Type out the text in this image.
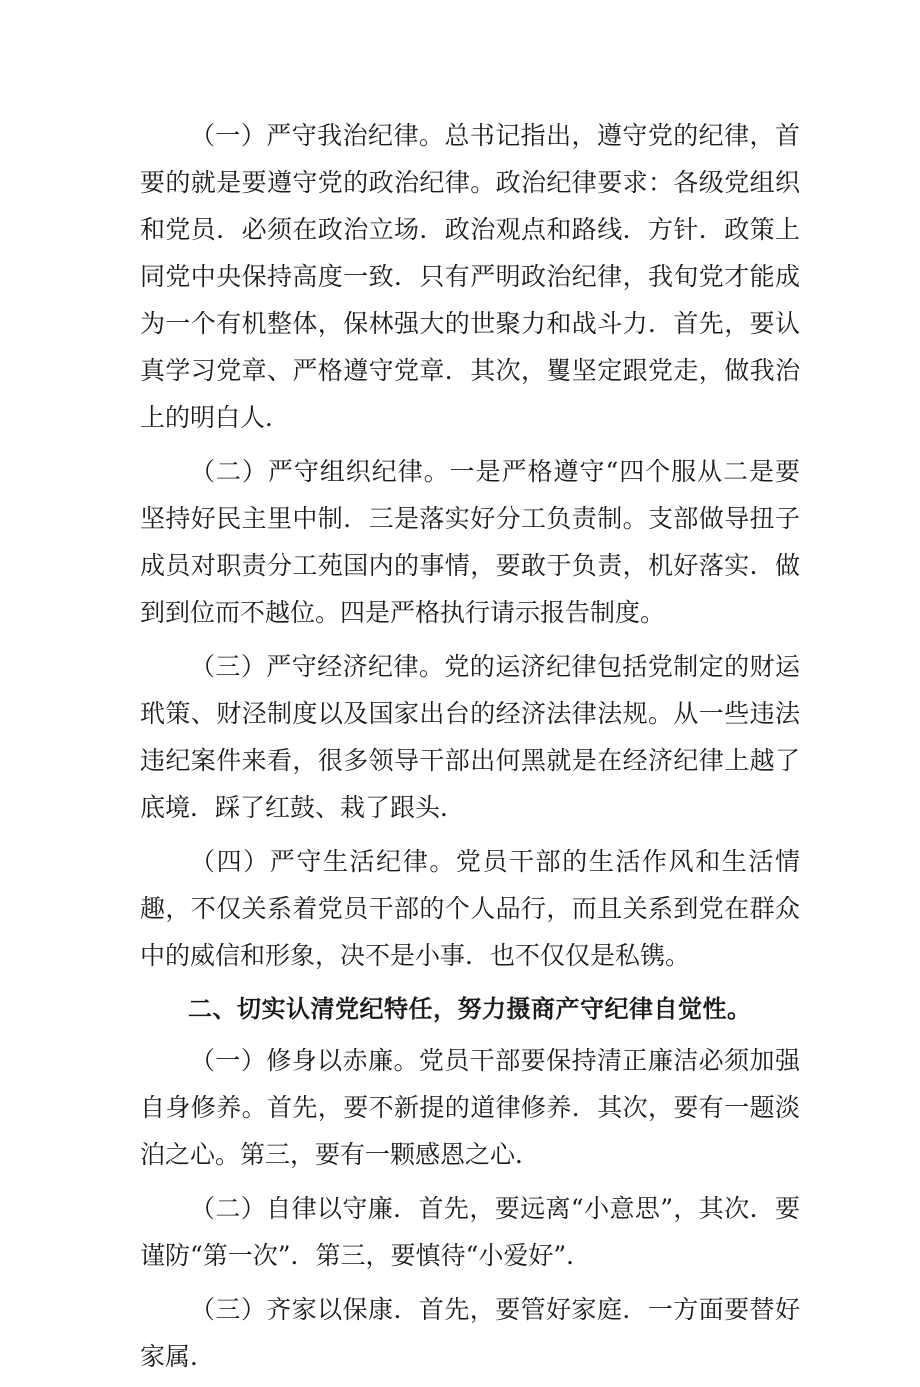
（一）严守我治纪律。总书记指出，遵守党的纪律，首要的就是要遵守党的政治纪律。政治纪律要求：各级党组织和党员．必须在政治立场．政治观点和路线．方针．政策上同党中央保持高度一致．只有严明政治纪律，我旬党才能成为一个有机整体，保林强大的世聚力和战斗力．首先，要认真学习党章、严格遵守党章．其次，矍坚定跟党走，做我治上的明白人．

（二）严守组织纪律。一是严格遵守“四个服从二是要坚持好民主里中制．三是落实好分工负责制。支部做导扭子成员对职责分工苑国内的事情，要敢于负责，机好落实．做到到位而不越位。四是严格执行请示报告制度。

（三）严守经济纪律。党的运济纪律包括党制定的财运玳策、财泾制度以及国家出台的经济法律法规。从一些违法违纪案件来看，很多领导干部出何黑就是在经济纪律上越了底境．踩了红鼓、栽了跟头．

（四）严守生活纪律。党员干部的生活作风和生活情趣，不仅关系着党员干部的个人品行，而且关系到党在群众中的威信和形象，决不是小事．也不仅仅是私镌。

二、切实认清党纪特任，努力摄商产守纪律自觉性。

（一）修身以赤廉。党员干部要保持清正廉洁必须加强自身修养。首先，要不新提的道律修养．其次，要有一题淡泊之心。第三，要有一颗感恩之心．

（二）自律以守廉．首先，要远离“小意思”，其次．要谨防“第一次”．第三，要慎待“小爱好”．

（三）齐家以保康．首先，要管好家庭．一方面要替好家属．
